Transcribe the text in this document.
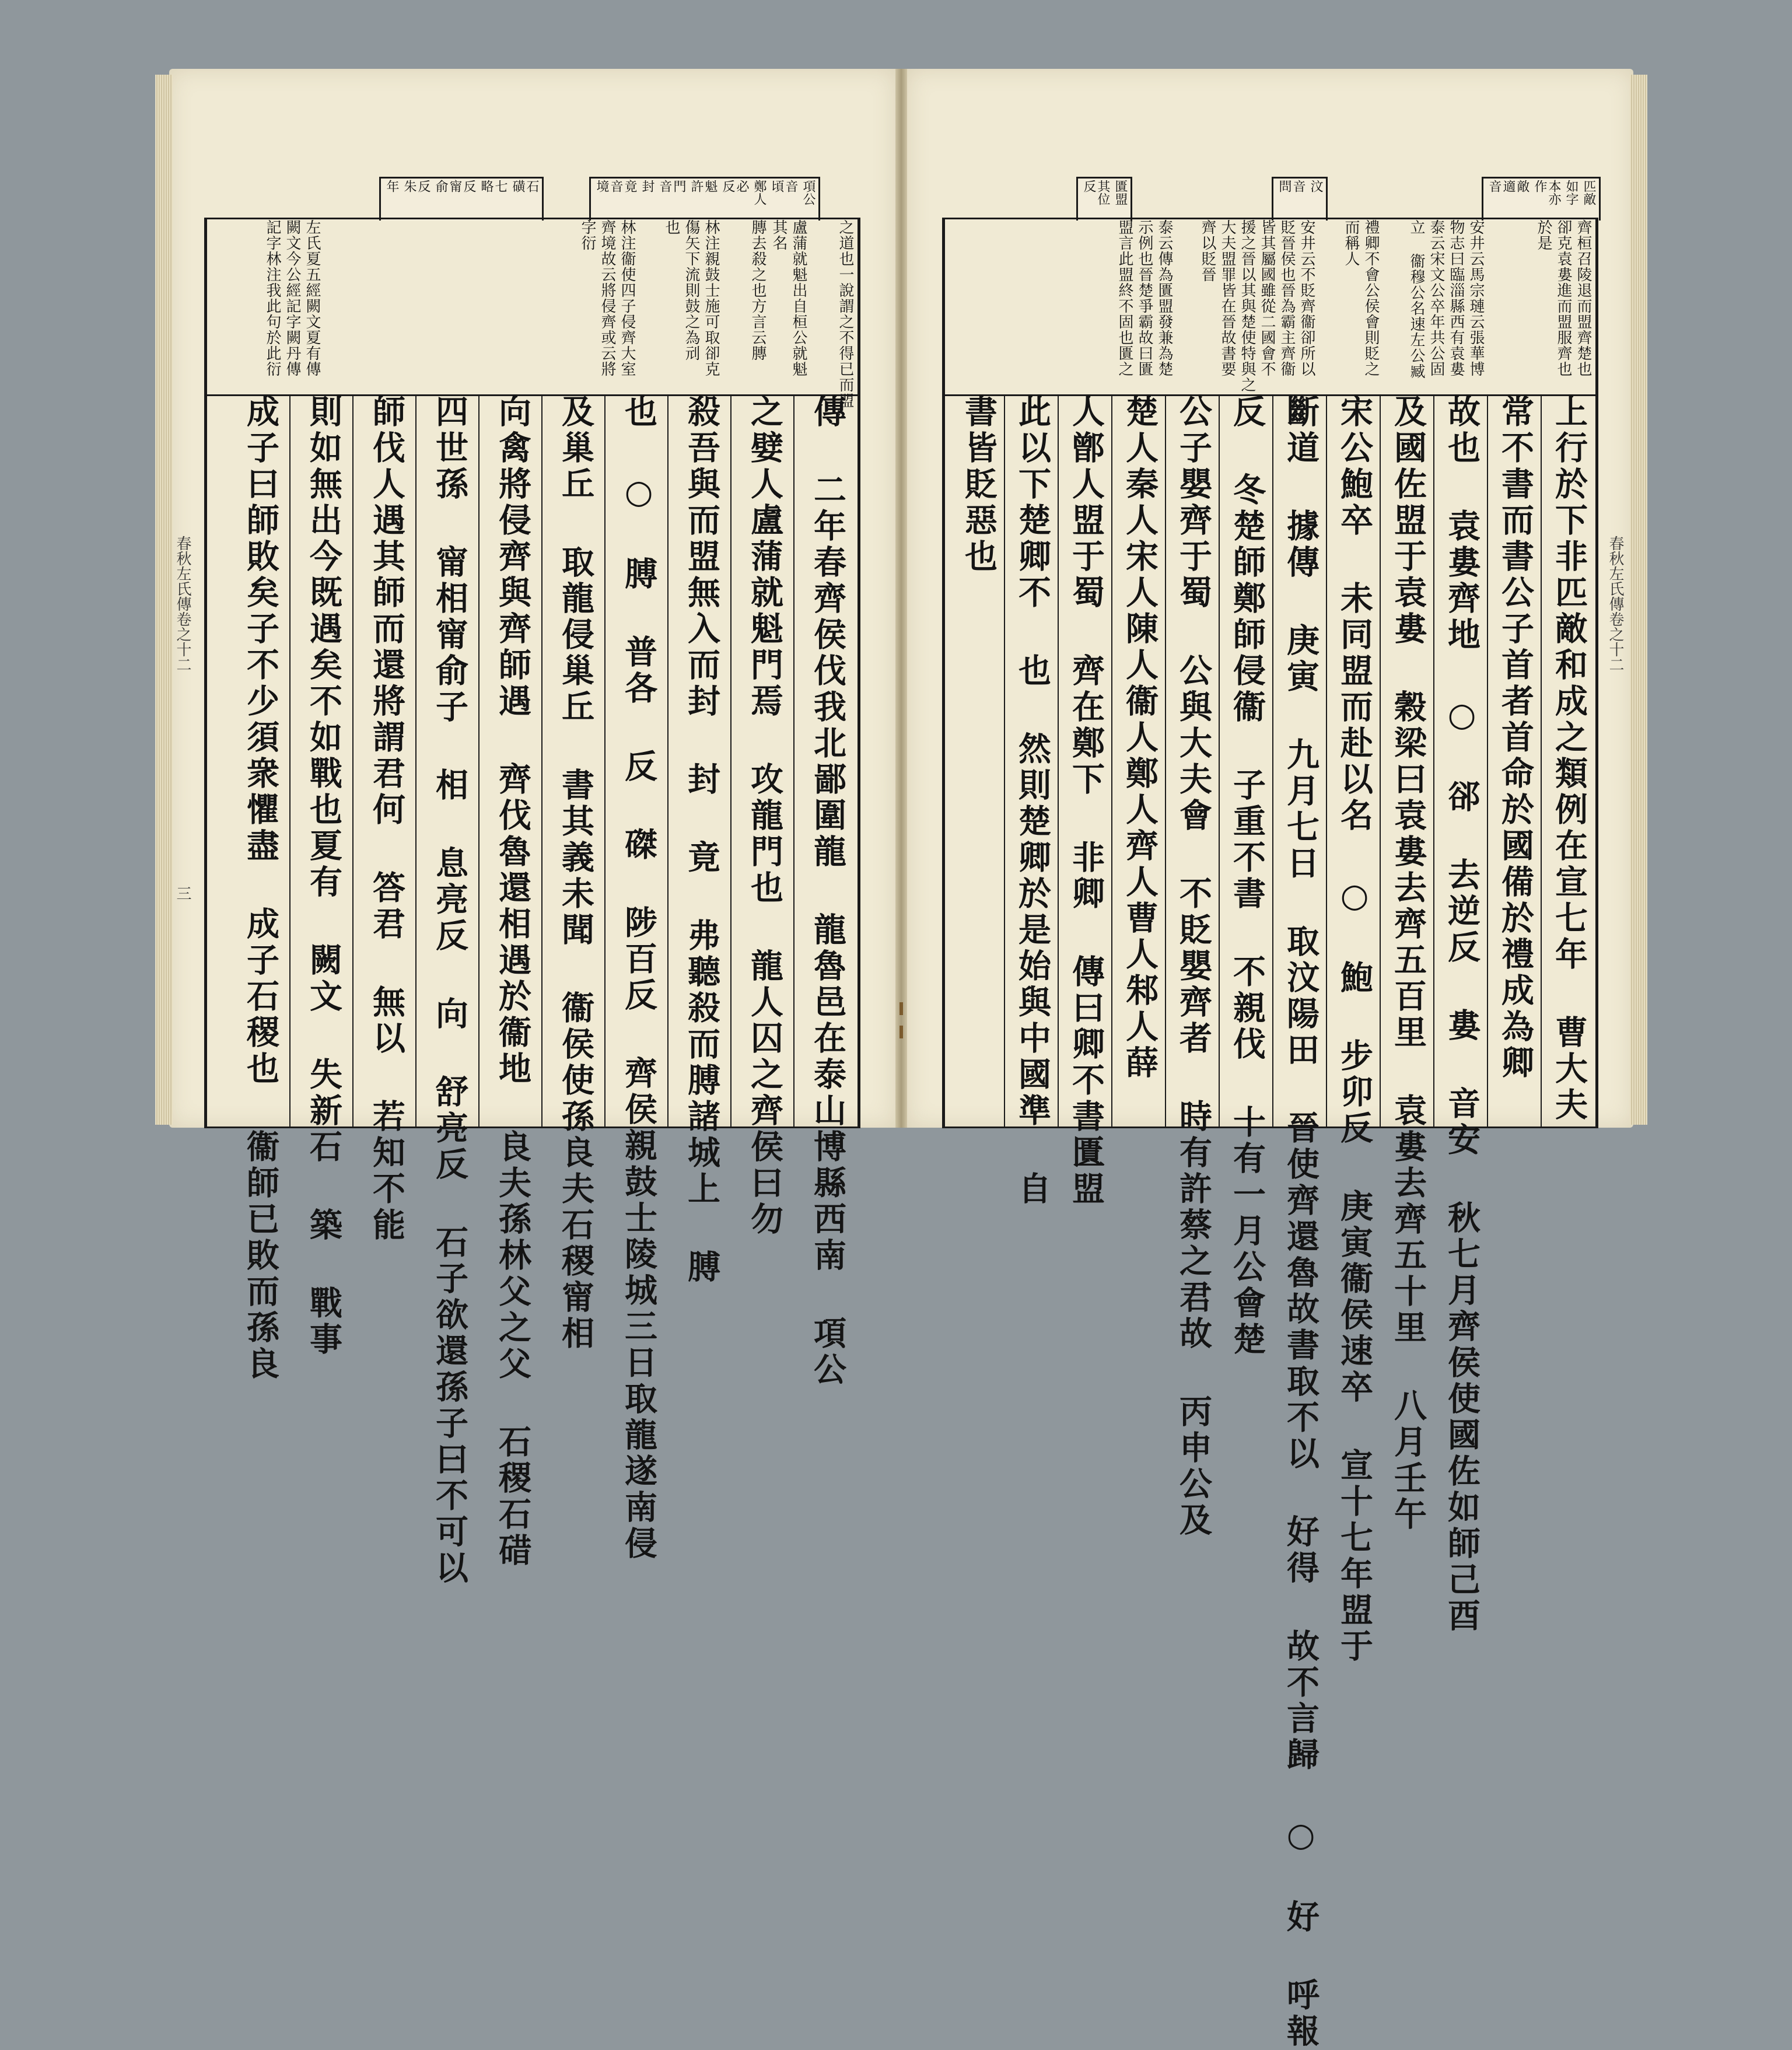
項公
音 頃
鄭人
必 反
魁 許
門 音
封
竟 音 境
石 磺
七 略
反 甯 俞
反 朱
年
春秋左氏傳卷之十二
三
之道也一說謂之不得已而盟
盧蒲就魁出自桓公就魁
其名
膞去殺之也方言云膞
林注親鼓士施可取卻克
傷矢下流則鼓之為刓
也
林注衞使四子侵齊大室
齊境故云將侵齊或云將
字衍
左氏夏五經闕文夏有傳
闕文今公經記字闕丹傳
記字林注我此句於此衍
傳 二年春齊侯伐我北鄙圍龍 龍魯邑在泰山博縣西南 項公
之嬖人盧蒲就魁門焉 攻龍門也 龍人囚之齊侯曰勿
殺吾與而盟無入而封 封 竟 弗聽殺而膊諸城上 膊
也 ○ 膊 普各 反 磔 陟百反 齊侯親鼓士陵城三日取龍遂南侵
及巢丘 取龍侵巢丘 書其義未聞 衞侯使孫良夫石稷甯相
向禽將侵齊與齊師遇 齊伐魯還相遇於衞地 良夫孫林父之父 石稷石碏
四世孫 甯相甯俞子 相 息亮反 向 舒亮反 石子欲還孫子曰不可以
師伐人遇其師而還將謂君何 答君 無以 若知不能
則如無出今既遇矣不如戰也夏有 闕文 失新石 築 戰事
成子曰師敗矣子不少須衆懼盡 成子石稷也 衞師已敗而孫良
匹敵
如字
本亦作
敵 適 音
汶
音 問
匱盟
其位 反
春秋左氏傳卷之十二
齊桓召陵退而盟齊楚也
卻克袁婁進而盟服齊也
於是
安井云馬宗璉云張華博
物志曰臨淄縣西有袁婁
泰云宋文公卒年共公固
立 衞穆公名速左公臧
禮卿不會公侯會則貶之
而稱人
安井云不貶齊衞卻所以
貶晉侯也晉為霸主齊衞
皆其屬國雖從二國會不
援之晉以其與楚使特與之
大夫盟罪皆在晉故書要
齊以貶晉
泰云傳為匱盟發兼為楚
示例也晉楚爭霸故曰匱
盟言此盟終不固也匱之
上行於下非匹敵和成之類例在宣七年 曹大夫
常不書而書公子首者首命於國備於禮成為卿
故也 袁婁齊地 ○ 郤 去逆反 婁 音安 秋七月齊侯使國佐如師己酉
及國佐盟于袁婁 穀梁曰袁婁去齊五百里 袁婁去齊五十里 八月壬午
宋公鮑卒 未同盟而赴以名 ○ 鮑 步卯反 庚寅衞侯速卒 宣十七年盟于
斷道 據傳 庚寅 九月七日 取汶陽田 晉使齊還魯故書取不以 好得 故不言歸 ○ 好 呼報
反 冬楚師鄭師侵衞 子重不書 不親伐 十有一月公會楚
公子嬰齊于蜀 公與大夫會 不貶嬰齊者 時有許蔡之君故 丙申公及
楚人秦人宋人陳人衞人鄭人齊人曹人邾人薛
人鄫人盟于蜀 齊在鄭下 非卿 傳曰卿不書匱盟
此以下楚卿不 也 然則楚卿於是始與中國準 自
書皆貶惡也
